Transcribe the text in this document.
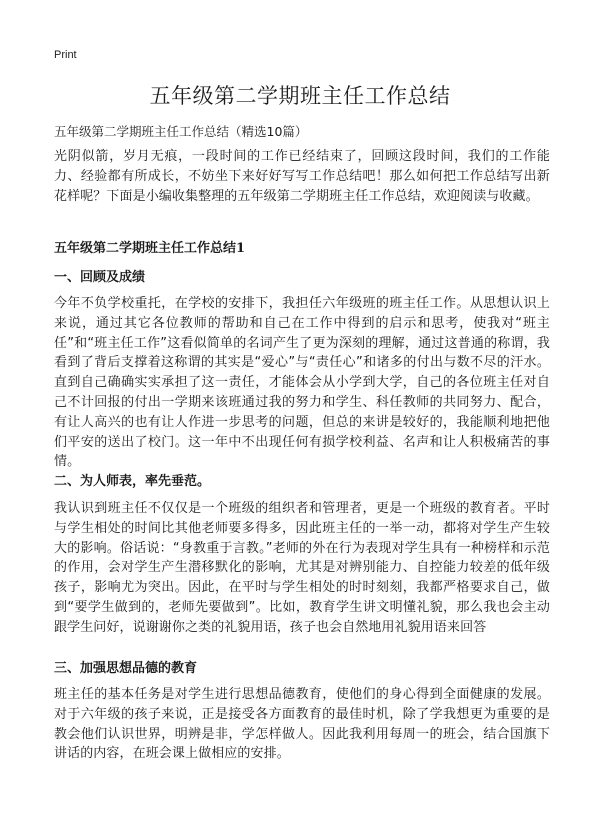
Print
五年级第二学期班主任工作总结

五年级第二学期班主任工作总结（精选10篇）

光阴似箭，岁月无痕，一段时间的工作已经结束了，回顾这段时间，我们的工作能力、经验都有所成长，不妨坐下来好好写写工作总结吧！那么如何把工作总结写出新花样呢？下面是小编收集整理的五年级第二学期班主任工作总结，欢迎阅读与收藏。

五年级第二学期班主任工作总结1

一、回顾及成绩

今年不负学校重托，在学校的安排下，我担任六年级班的班主任工作。从思想认识上来说，通过其它各位教师的帮助和自己在工作中得到的启示和思考，使我对“班主任”和“班主任工作”这看似简单的名词产生了更为深刻的理解，通过这普通的称谓，我看到了背后支撑着这称谓的其实是“爱心”与“责任心”和诸多的付出与数不尽的汗水。直到自己确确实实承担了这一责任，才能体会从小学到大学，自己的各位班主任对自己不计回报的付出一学期来该班通过我的努力和学生、科任教师的共同努力、配合，有让人高兴的也有让人作进一步思考的问题，但总的来讲是较好的，我能顺利地把他们平安的送出了校门。这一年中不出现任何有损学校利益、名声和让人积极痛苦的事情。

二、为人师表，率先垂范。

我认识到班主任不仅仅是一个班级的组织者和管理者，更是一个班级的教育者。平时与学生相处的时间比其他老师要多得多，因此班主任的一举一动，都将对学生产生较大的影响。俗话说：“身教重于言教。”老师的外在行为表现对学生具有一种榜样和示范的作用，会对学生产生潜移默化的影响，尤其是对辨别能力、自控能力较差的低年级孩子，影响尤为突出。因此，在平时与学生相处的时时刻刻，我都严格要求自己，做到“要学生做到的，老师先要做到”。比如，教育学生讲文明懂礼貌，那么我也会主动跟学生问好，说谢谢你之类的礼貌用语，孩子也会自然地用礼貌用语来回答

三、加强思想品德的教育

班主任的基本任务是对学生进行思想品德教育，使他们的身心得到全面健康的发展。对于六年级的孩子来说，正是接受各方面教育的最佳时机，除了学我想更为重要的是教会他们认识世界，明辨是非，学怎样做人。因此我利用每周一的班会，结合国旗下讲话的内容，在班会课上做相应的安排。
